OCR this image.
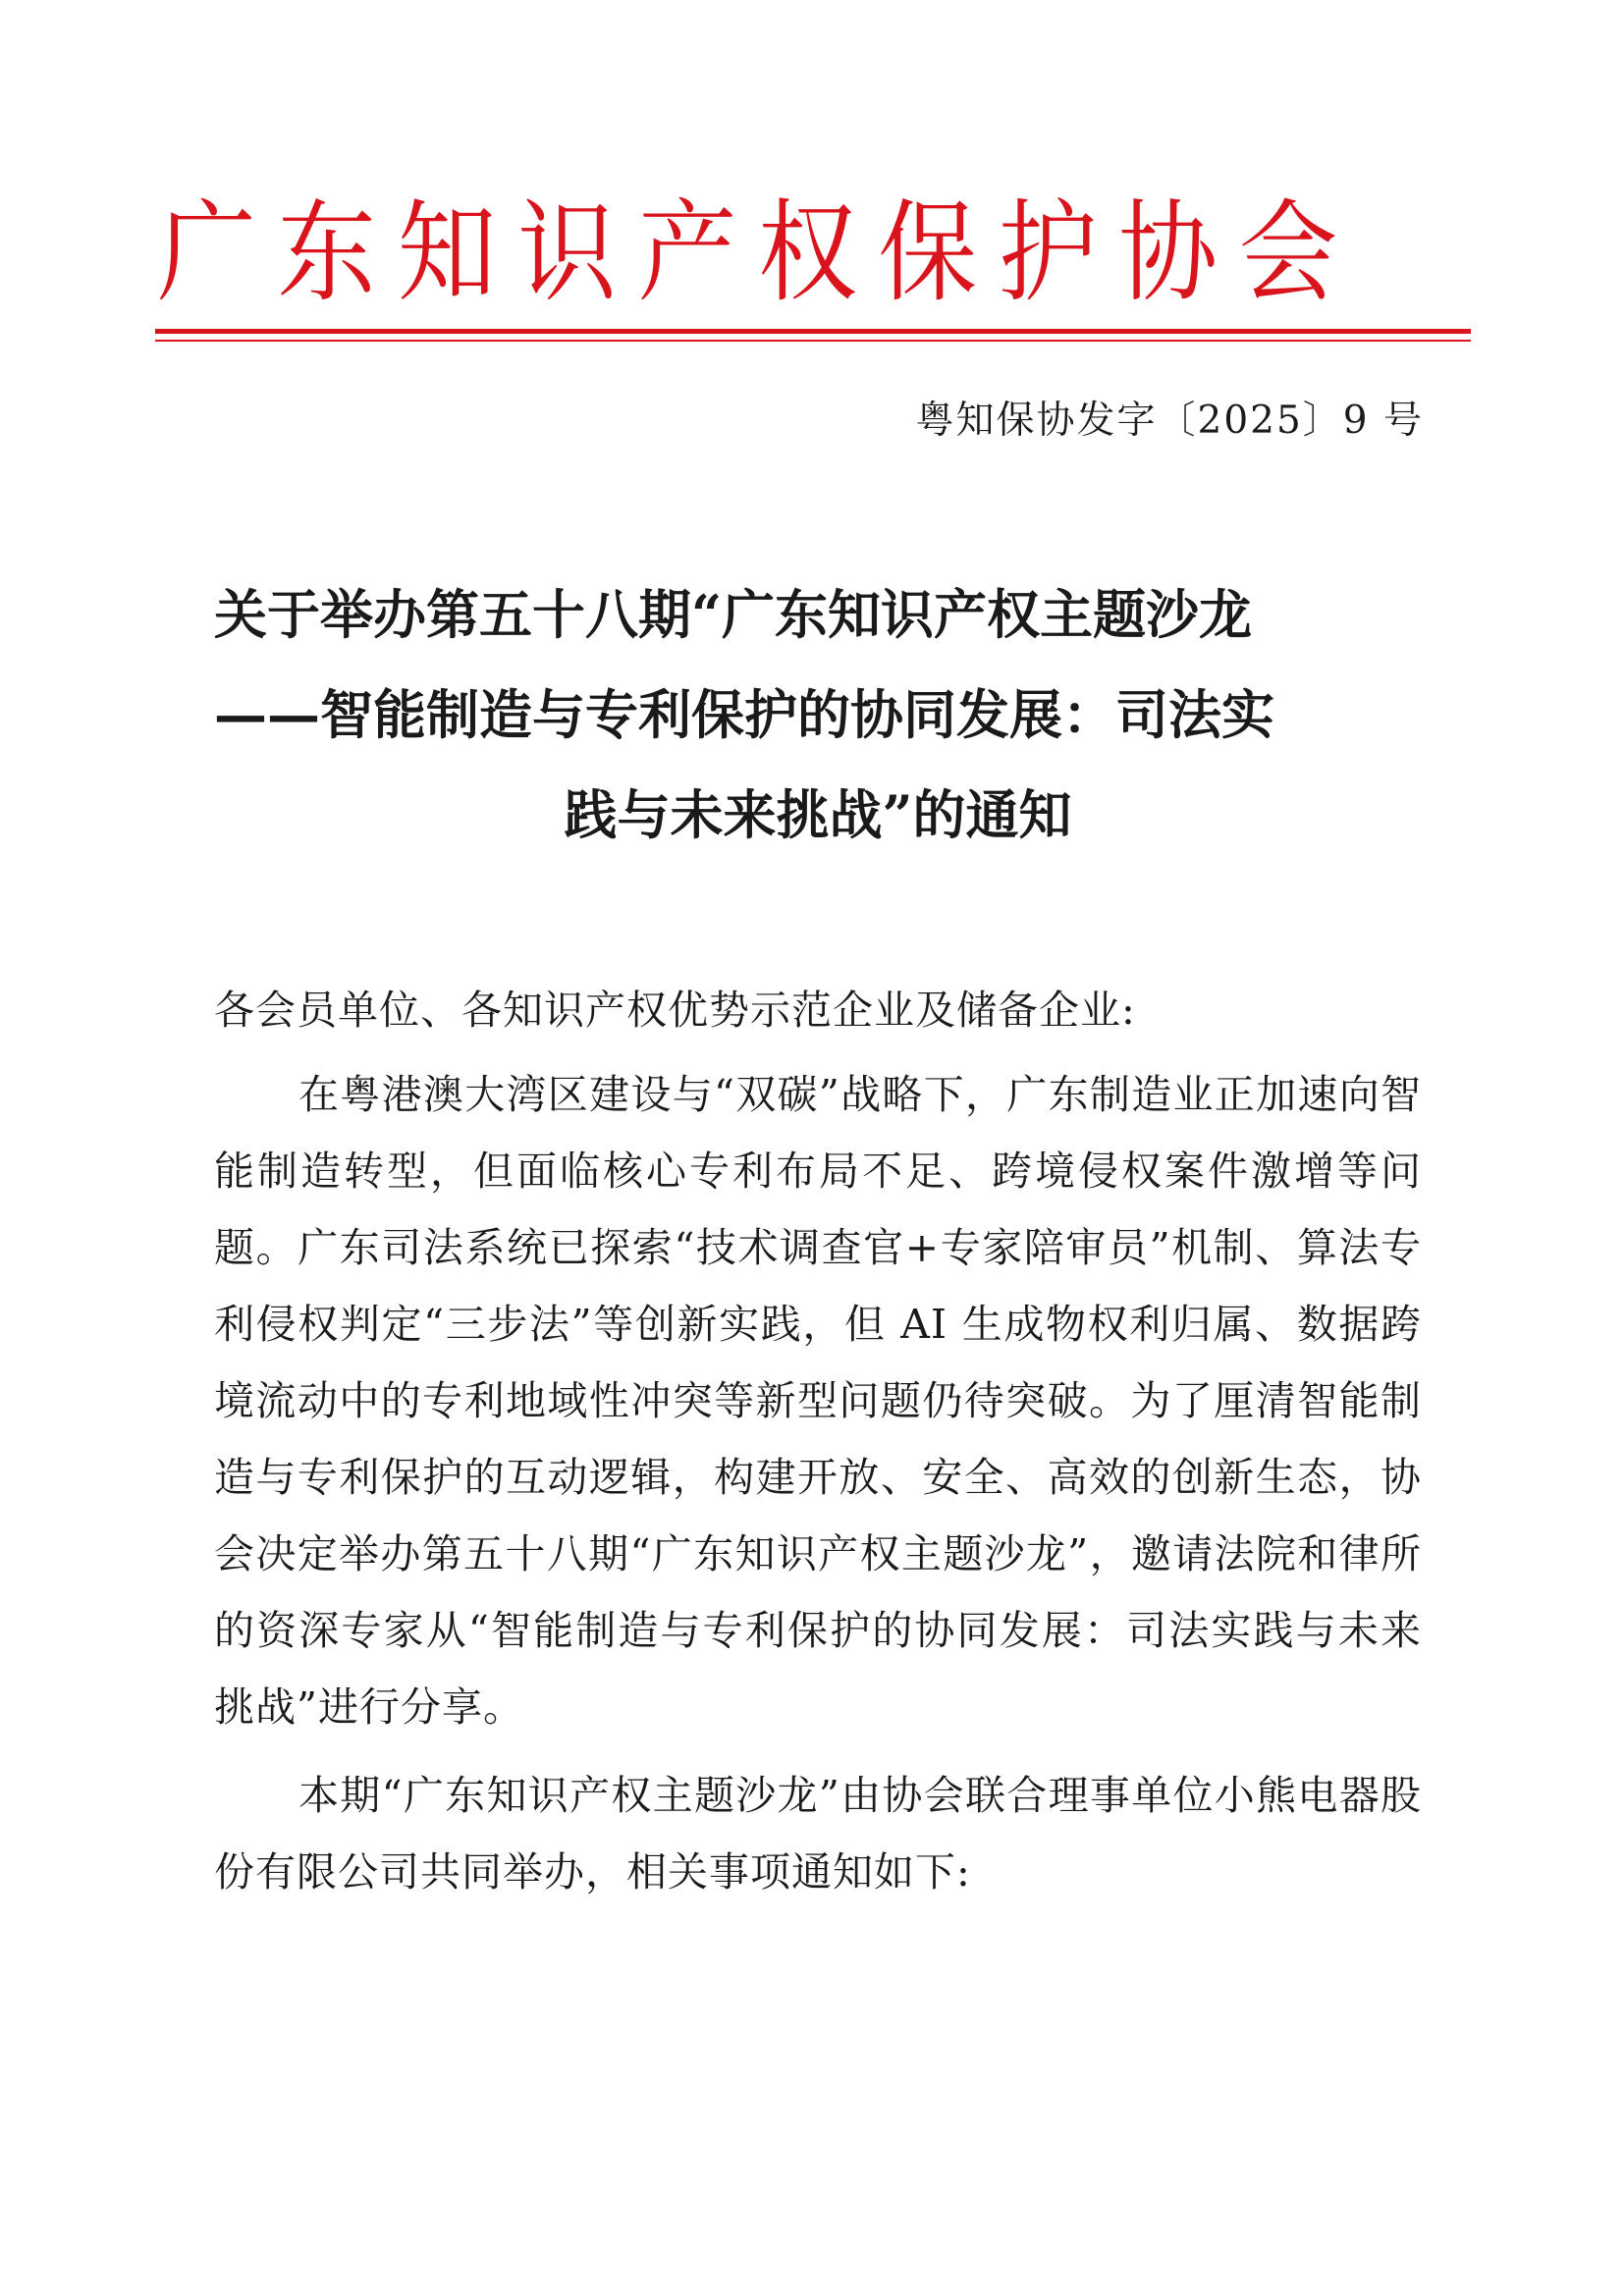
广东知识产权保护协会
粤知保协发字〔2025〕9 号
关于举办第五十八期“广东知识产权主题沙龙
——智能制造与专利保护的协同发展：司法实
践与未来挑战”的通知

各会员单位、各知识产权优势示范企业及储备企业:

在粤港澳大湾区建设与“双碳”战略下，广东制造业正加速向智能制造转型，但面临核心专利布局不足、跨境侵权案件激增等问题。广东司法系统已探索“技术调查官+专家陪审员”机制、算法专利侵权判定“三步法”等创新实践，但 AI 生成物权利归属、数据跨境流动中的专利地域性冲突等新型问题仍待突破。为了厘清智能制造与专利保护的互动逻辑，构建开放、安全、高效的创新生态，协会决定举办第五十八期“广东知识产权主题沙龙”，邀请法院和律所的资深专家从“智能制造与专利保护的协同发展：司法实践与未来挑战”进行分享。

本期“广东知识产权主题沙龙”由协会联合理事单位小熊电器股份有限公司共同举办，相关事项通知如下:
